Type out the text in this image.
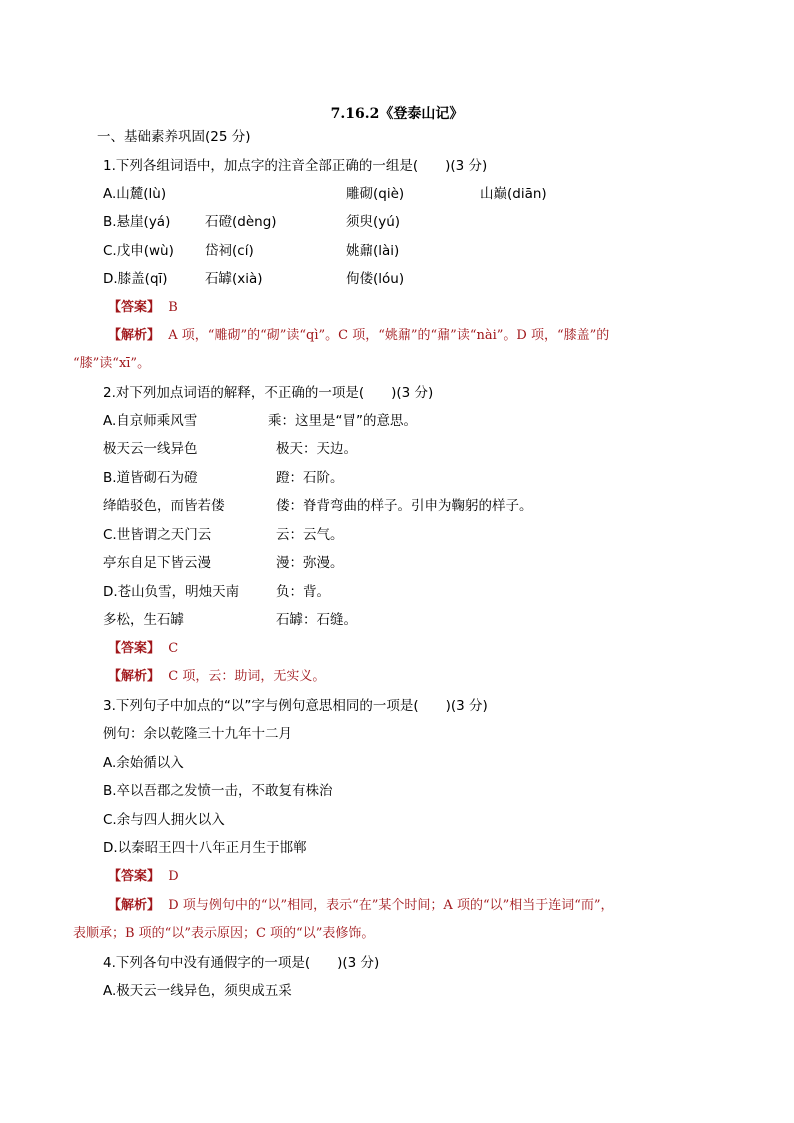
7.16.2《登泰山记》
一、基础素养巩固(25 分)
1.下列各组词语中，加点字的注音全部正确的一组是(　　)(3 分)
A.山麓(lù)	雕砌(qiè)	山巅(diān)
B.悬崖(yá)	石磴(dèng)	须臾(yú)
C.戊申(wù) 岱祠(cí)	姚鼐(lài)
D.膝盖(qī)	石罅(xià)	佝偻(lóu)
【答案】 B
【解析】 A 项，“雕砌”的“砌”读“qì”。C 项，“姚鼐”的“鼐”读“nài”。D 项，“膝盖”的
“膝”读“xī”。
2.对下列加点词语的解释，不正确的一项是(　　)(3 分)
A.自京师乘风雪	乘：这里是“冒”的意思。
极天云一线异色	极天：天边。
B.道皆砌石为磴	蹬：石阶。
绛皓驳色，而皆若偻	偻：脊背弯曲的样子。引申为鞠躬的样子。
C.世皆谓之天门云	云：云气。
亭东自足下皆云漫	漫：弥漫。
D.苍山负雪，明烛天南	负：背。
多松，生石罅	石罅：石缝。
【答案】 C
【解析】 C 项，云：助词，无实义。
3.下列句子中加点的“以”字与例句意思相同的一项是(　　)(3 分)
例句：余以乾隆三十九年十二月
A.余始循以入
B.卒以吾郡之发愤一击，不敢复有株治
C.余与四人拥火以入
D.以秦昭王四十八年正月生于邯郸
【答案】 D
【解析】 D 项与例句中的“以”相同，表示“在”某个时间；A 项的“以”相当于连词“而”，
表顺承；B 项的“以”表示原因；C 项的“以”表修饰。
4.下列各句中没有通假字的一项是(　　)(3 分)
A.极天云一线异色，须臾成五采
